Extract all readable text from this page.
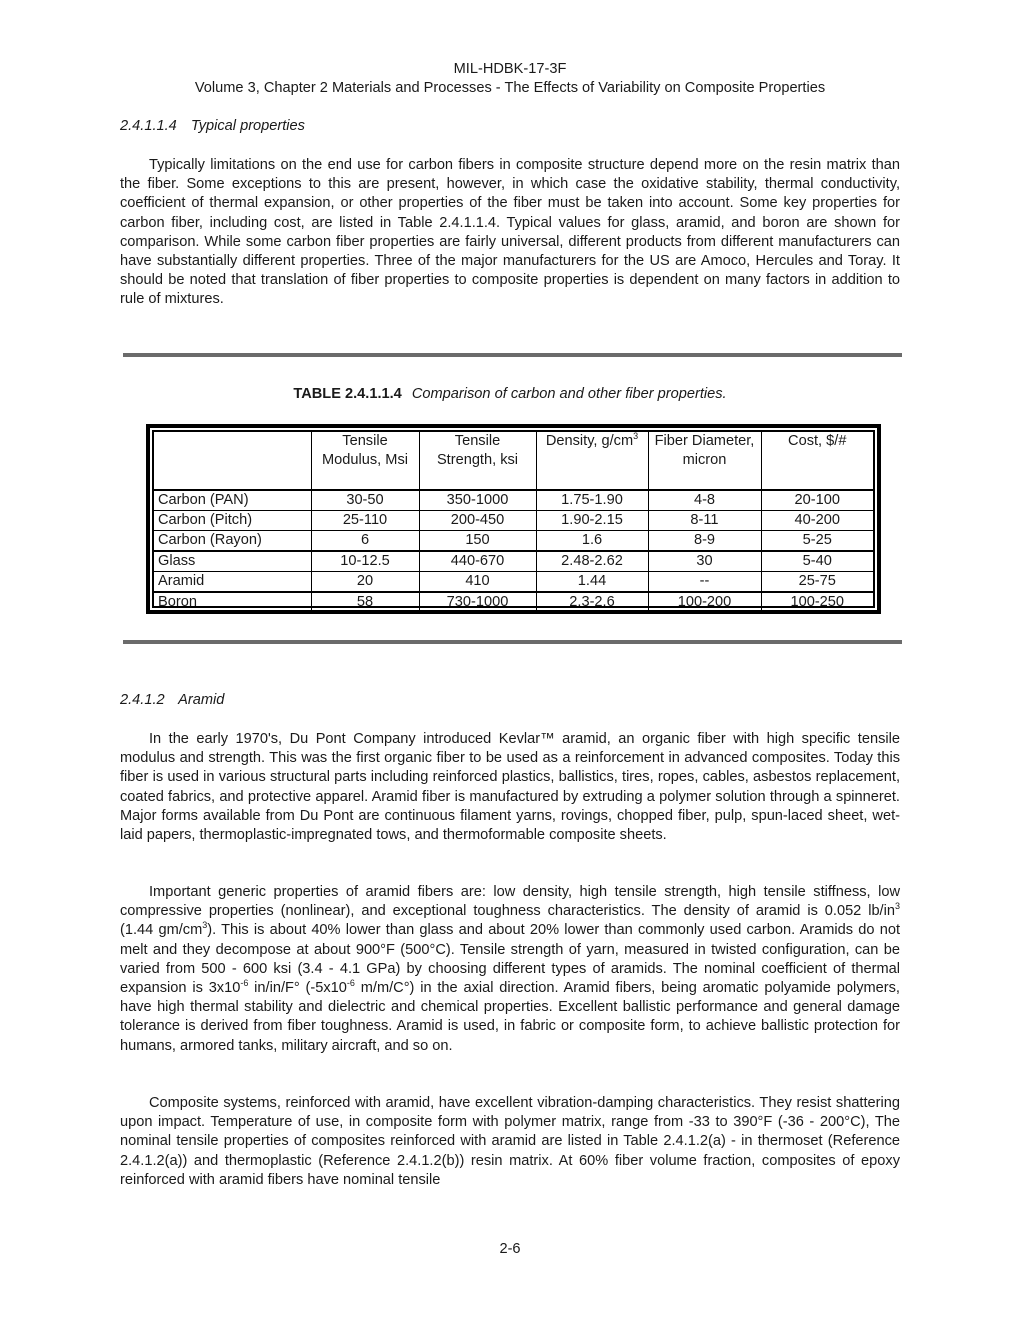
MIL-HDBK-17-3F
Volume 3, Chapter 2 Materials and Processes - The Effects of Variability on Composite Properties
2.4.1.1.4 Typical properties

Typically limitations on the end use for carbon fibers in composite structure depend more on the resin matrix than the fiber. Some exceptions to this are present, however, in which case the oxidative stability, thermal conductivity, coefficient of thermal expansion, or other properties of the fiber must be taken into account. Some key properties for carbon fiber, including cost, are listed in Table 2.4.1.1.4. Typical values for glass, aramid, and boron are shown for comparison. While some carbon fiber properties are fairly universal, different products from different manufacturers can have substantially different properties. Three of the major manufacturers for the US are Amoco, Hercules and Toray. It should be noted that translation of fiber properties to composite properties is dependent on many factors in addition to rule of mixtures.

TABLE 2.4.1.1.4 Comparison of carbon and other fiber properties.
	Tensile Modulus, Msi	Tensile Strength, ksi	Density, $g/cm^3$	Fiber Diameter, micron	Cost, $/#
Carbon (PAN)	30-50	350-1000	1.75-1.90	4-8	20-100
Carbon (Pitch)	25-110	200-450	1.90-2.15	8-11	40-200
Carbon (Rayon)	6	150	1.6	8-9	5-25
Glass	10-12.5	440-670	2.48-2.62	30	5-40
Aramid	20	410	1.44	--	25-75
Boron	58	730-1000	2.3-2.6	100-200	100-250
2.4.1.2 Aramid

In the early 1970's, Du Pont Company introduced Kevlar™ aramid, an organic fiber with high specific tensile modulus and strength. This was the first organic fiber to be used as a reinforcement in advanced composites. Today this fiber is used in various structural parts including reinforced plastics, ballistics, tires, ropes, cables, asbestos replacement, coated fabrics, and protective apparel. Aramid fiber is manufactured by extruding a polymer solution through a spinneret. Major forms available from Du Pont are continuous filament yarns, rovings, chopped fiber, pulp, spun-laced sheet, wet-laid papers, thermoplastic-impregnated tows, and thermoformable composite sheets.

Important generic properties of aramid fibers are: low density, high tensile strength, high tensile stiffness, low compressive properties (nonlinear), and exceptional toughness characteristics. The density of aramid is 0.052 $lb/in^3$ (1.44 $gm/cm^3$). This is about 40% lower than glass and about 20% lower than commonly used carbon. Aramids do not melt and they decompose at about 900°F (500°C). Tensile strength of yarn, measured in twisted configuration, can be varied from 500 - 600 ksi (3.4 - 4.1 GPa) by choosing different types of aramids. The nominal coefficient of thermal expansion is $3x10^{-6}$ in/in/F° ($-5x10^{-6}$ m/m/C°) in the axial direction. Aramid fibers, being aromatic polyamide polymers, have high thermal stability and dielectric and chemical properties. Excellent ballistic performance and general damage tolerance is derived from fiber toughness. Aramid is used, in fabric or composite form, to achieve ballistic protection for humans, armored tanks, military aircraft, and so on.

Composite systems, reinforced with aramid, have excellent vibration-damping characteristics. They resist shattering upon impact. Temperature of use, in composite form with polymer matrix, range from -33 to 390°F (-36 - 200°C), The nominal tensile properties of composites reinforced with aramid are listed in Table 2.4.1.2(a) - in thermoset (Reference 2.4.1.2(a)) and thermoplastic (Reference 2.4.1.2(b)) resin matrix. At 60% fiber volume fraction, composites of epoxy reinforced with aramid fibers have nominal tensile

2-6
